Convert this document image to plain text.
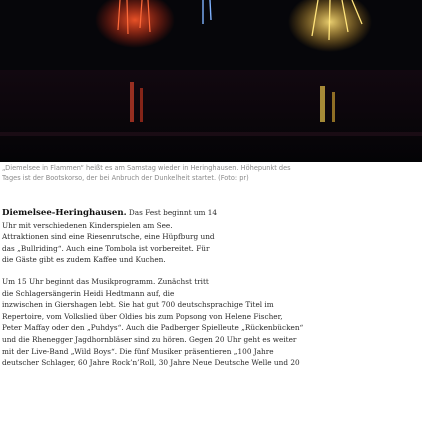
„Diemelsee in Flammen“ heißt es am Samstag wieder in Heringhausen. Höhepunkt des
Tages ist der Bootskorso, der bei Anbruch der Dunkelheit startet. (Foto: pr)

Diemelsee-Heringhausen. Das Fest beginnt um 14
Uhr mit verschiedenen Kinderspielen am See.
Attraktionen sind eine Riesenrutsche, eine Hüpfburg und
das „Bullriding“. Auch eine Tombola ist vorbereitet. Für
die Gäste gibt es zudem Kaffee und Kuchen.

Um 15 Uhr beginnt das Musikprogramm. Zunächst tritt
die Schlagersängerin Heidi Hedtmann auf, die
inzwischen in Giershagen lebt. Sie hat gut 700 deutschsprachige Titel im
Repertoire, vom Volkslied über Oldies bis zum Popsong von Helene Fischer,
Peter Maffay oder den „Puhdys“. Auch die Padberger Spielleute „Rückenbücken“
und die Rhenegger Jagdhornbläser sind zu hören. Gegen 20 Uhr geht es weiter
mit der Live-Band „Wild Boys“. Die fünf Musiker präsentieren „100 Jahre
deutscher Schlager, 60 Jahre Rock’n’Roll, 30 Jahre Neue Deutsche Welle und 20
